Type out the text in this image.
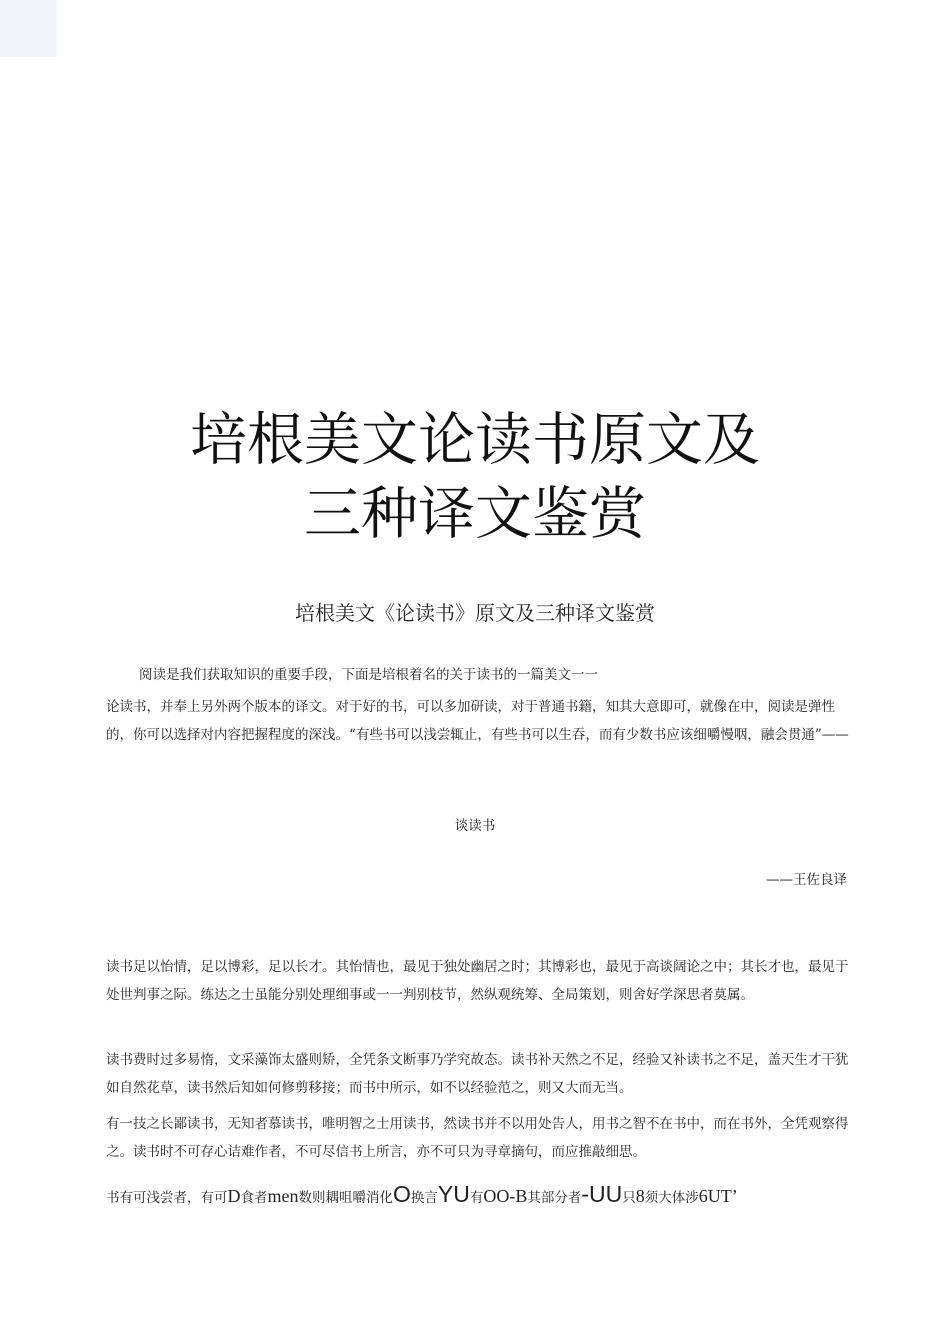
培根美文论读书原文及
三种译文鉴赏
培根美文《论读书》原文及三种译文鉴赏
阅读是我们获取知识的重要手段，下面是培根着名的关于读书的一篇美文一一
论读书，并奉上另外两个版本的译文。对于好的书，可以多加研读，对于普通书籍，知其大意即可，就像在中，阅读是弹性的，你可以选择对内容把握程度的深浅。“有些书可以浅尝辄止，有些书可以生吞，而有少数书应该细嚼慢咽，融会贯通”——
谈读书
——王佐良译
读书足以怡情，足以博彩，足以长才。其怡情也，最见于独处幽居之时；其博彩也，最见于高谈阔论之中；其长才也，最见于处世判事之际。练达之士虽能分别处理细事或一一判别枝节，然纵观统筹、全局策划，则舍好学深思者莫属。
读书费时过多易惰，文采藻饰太盛则矫，全凭条文断事乃学究故态。读书补天然之不足，经验又补读书之不足，盖天生才干犹如自然花草，读书然后知如何修剪移接；而书中所示，如不以经验范之，则又大而无当。
有一技之长鄙读书，无知者慕读书，唯明智之士用读书，然读书并不以用处告人，用书之智不在书中，而在书外，全凭观察得之。读书时不可存心诘难作者，不可尽信书上所言，亦不可只为寻章摘句，而应推敲细思。
书有可浅尝者，有可D食者men数则耦咀嚼消化O换言YU有OO-B其部分者-UU只8须大体涉6UT’
